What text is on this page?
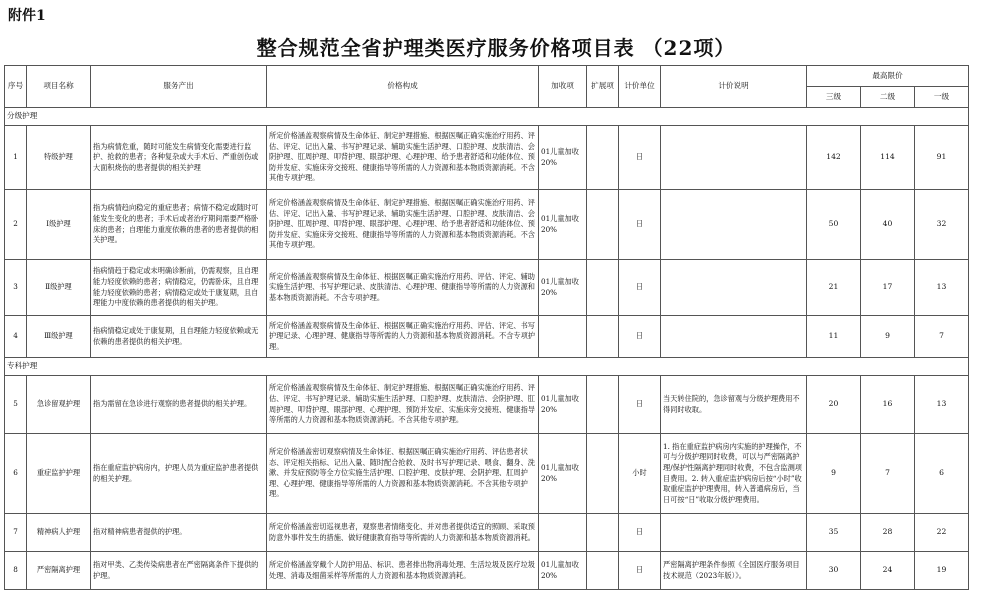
附件1
整合规范全省护理类医疗服务价格项目表 （22项）
序号	项目名称	服务产出	价格构成	加收项	扩展项	计价单位	计价说明	最高限价		
								三级	二级	一级
分级护理										
1	特级护理	指为病情危重，随时可能发生病情变化需要进行监护、抢救的患者；各种复杂或大手术后、严重创伤或大面积烧伤的患者提供的相关护理	所定价格涵盖观察病情及生命体征、制定护理措施、根据医嘱正确实施治疗用药、评估、评定、记出入量、书写护理记录、辅助实施生活护理、口腔护理、皮肤清洁、会阴护理、肛周护理、叩背护理、眼部护理、心理护理、给予患者舒适和功能体位、预防并发症、实施床旁交接班、健康指导等所需的人力资源和基本物质资源消耗。不含其他专项护理。	01儿童加收20%		日		142	114	91
2	Ⅰ级护理	指为病情趋向稳定的重症患者；病情不稳定或随时可能发生变化的患者；手术后或者治疗期间需要严格卧床的患者；自理能力重度依赖的患者的患者提供的相关护理。	所定价格涵盖观察病情及生命体征、制定护理措施、根据医嘱正确实施治疗用药、评估、评定、记出入量、书写护理记录、辅助实施生活护理、口腔护理、皮肤清洁、会阴护理、肛周护理、叩背护理、眼部护理、心理护理、给予患者舒适和功能体位、预防并发症、实施床旁交接班、健康指导等所需的人力资源和基本物质资源消耗。不含其他专项护理。	01儿童加收20%		日		50	40	32
3	Ⅱ级护理	指病情趋于稳定或未明确诊断前，仍需观察，且自理能力轻度依赖的患者；病情稳定，仍需卧床，且自理能力轻度依赖的患者；病情稳定或处于康复期，且自理能力中度依赖的患者提供的相关护理。	所定价格涵盖观察病情及生命体征、根据医嘱正确实施治疗用药、评估、评定、辅助实施生活护理、书写护理记录、皮肤清洁、心理护理、健康指导等所需的人力资源和基本物质资源消耗。不含专项护理。	01儿童加收20%		日		21	17	13
4	Ⅲ级护理	指病情稳定或处于康复期，且自理能力轻度依赖或无依赖的患者提供的相关护理。	所定价格涵盖观察病情及生命体征、根据医嘱正确实施治疗用药、评估、评定、书写护理记录、心理护理、健康指导等所需的人力资源和基本物质资源消耗。不含专项护理。			日		11	9	7
专科护理										
5	急诊留观护理	指为需留在急诊进行观察的患者提供的相关护理。	所定价格涵盖观察病情及生命体征、制定护理措施、根据医嘱正确实施治疗用药、评估、评定、书写护理记录、辅助实施生活护理、口腔护理、皮肤清洁、会阴护理、肛周护理、叩背护理、眼部护理、心理护理、预防并发症、实施床旁交接班、健康指导等所需的人力资源和基本物质资源消耗。不含其他专项护理。	01儿童加收20%		日	当天转住院的，急诊留观与分级护理费用不得同时收取。	20	16	13
6	重症监护护理	指在重症监护病房内，护理人员为重症监护患者提供的相关护理。	所定价格涵盖密切观察病情及生命体征、根据医嘱正确实施治疗用药、评估患者状态、评定相关指标、记出入量、随时配合抢救、及时书写护理记录、喂食、翻身、洗漱、并发症预防等全方位实施生活护理、口腔护理、皮肤护理、会阴护理、肛周护理、心理护理、健康指导等所需的人力资源和基本物质资源消耗。不含其他专项护理。	01儿童加收20%		小时	1. 指在重症监护病房内实施的护理操作，不可与分级护理同时收费，可以与严密隔离护理/保护性隔离护理同时收费，不包含监测项目费用。2. 转入重症监护病房后按“小时”收取重症监护护理费用，转入普通病房后，当日可按“日”收取分级护理费用。	9	7	6
7	精神病人护理	指对精神病患者提供的护理。	所定价格涵盖密切巡视患者，观察患者情绪变化、并对患者提供适宜的照顾、采取预防意外事件发生的措施、做好健康教育指导等所需的人力资源和基本物质资源消耗。			日		35	28	22
8	严密隔离护理	指对甲类、乙类传染病患者在严密隔离条件下提供的护理。	所定价格涵盖穿戴个人防护用品、标识、患者排出物消毒处理、生活垃圾及医疗垃圾处理、消毒及细菌采样等所需的人力资源和基本物质资源消耗。	01儿童加收20%		日	严密隔离护理条件参照《全国医疗服务项目技术规范（2023年版）》。	30	24	19
